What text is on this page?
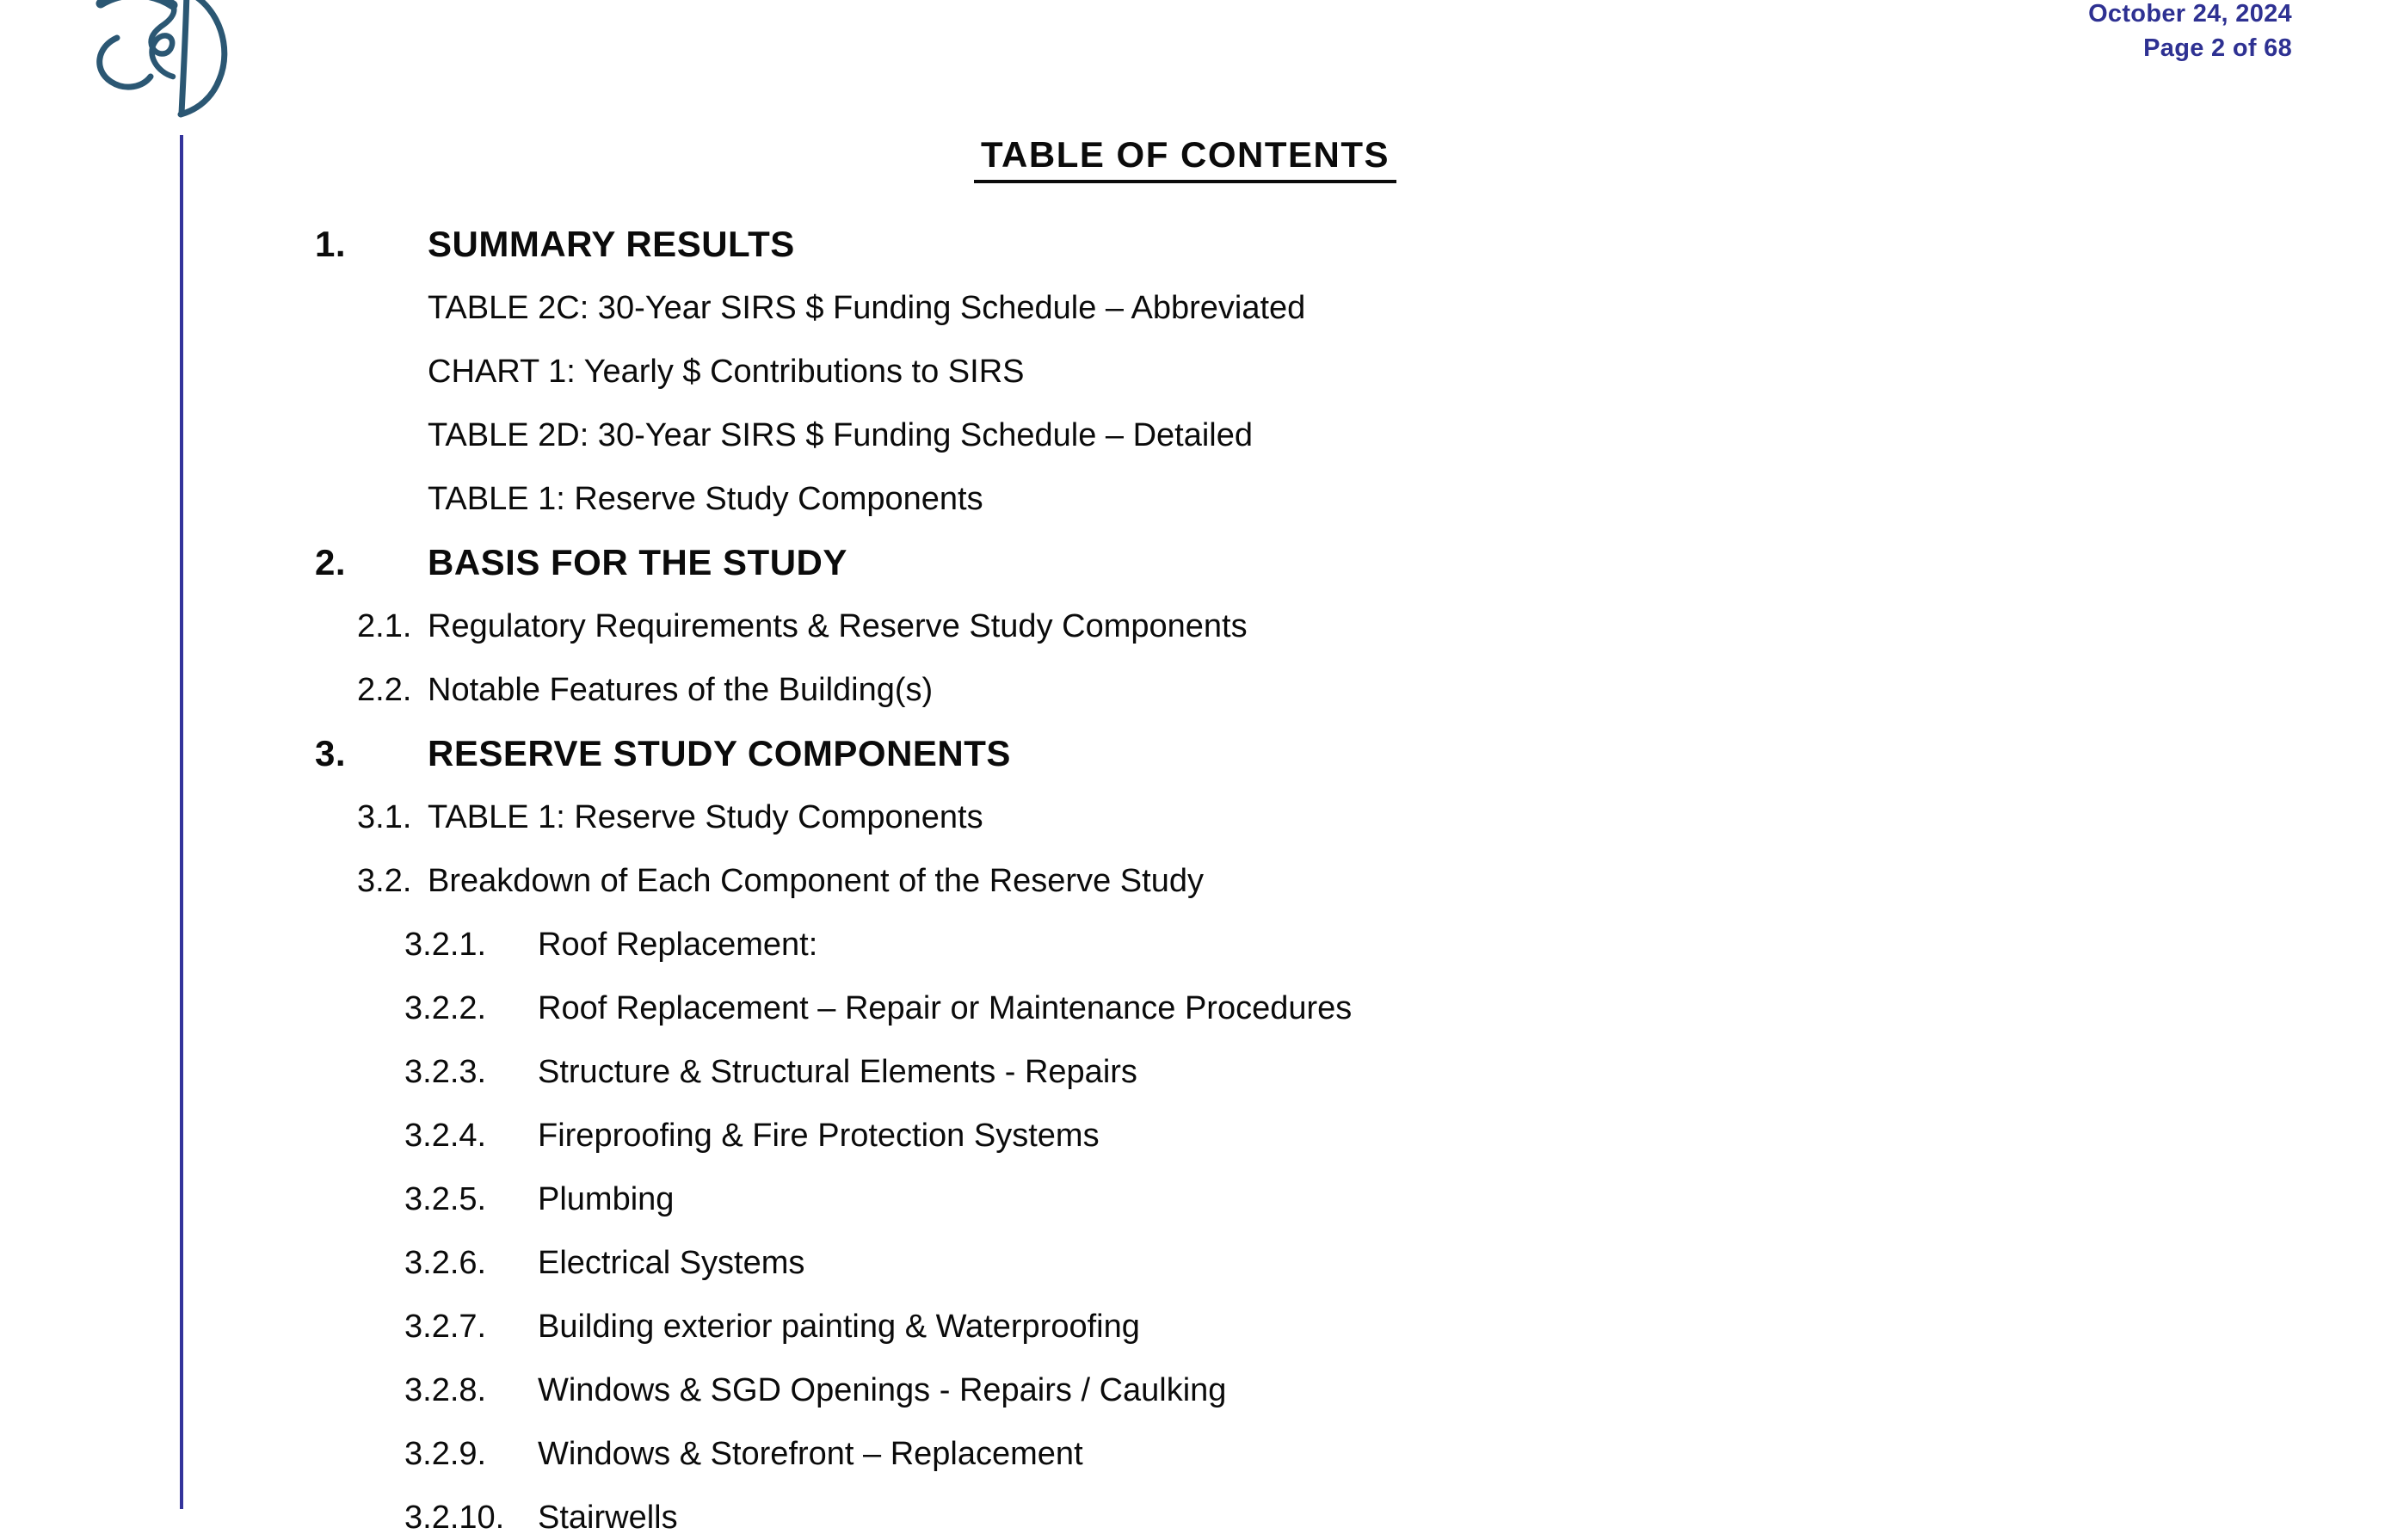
October 24, 2024
Page 2 of 68
TABLE OF CONTENTS
1. SUMMARY RESULTS
TABLE 2C: 30-Year SIRS $ Funding Schedule – Abbreviated
CHART 1: Yearly $ Contributions to SIRS
TABLE 2D: 30-Year SIRS $ Funding Schedule – Detailed
TABLE 1: Reserve Study Components
2. BASIS FOR THE STUDY
2.1. Regulatory Requirements & Reserve Study Components
2.2. Notable Features of the Building(s)
3. RESERVE STUDY COMPONENTS
3.1. TABLE 1: Reserve Study Components
3.2. Breakdown of Each Component of the Reserve Study
3.2.1. Roof Replacement:
3.2.2. Roof Replacement – Repair or Maintenance Procedures
3.2.3. Structure & Structural Elements - Repairs
3.2.4. Fireproofing & Fire Protection Systems
3.2.5. Plumbing
3.2.6. Electrical Systems
3.2.7. Building exterior painting & Waterproofing
3.2.8. Windows & SGD Openings - Repairs / Caulking
3.2.9. Windows & Storefront – Replacement
3.2.10. Stairwells
